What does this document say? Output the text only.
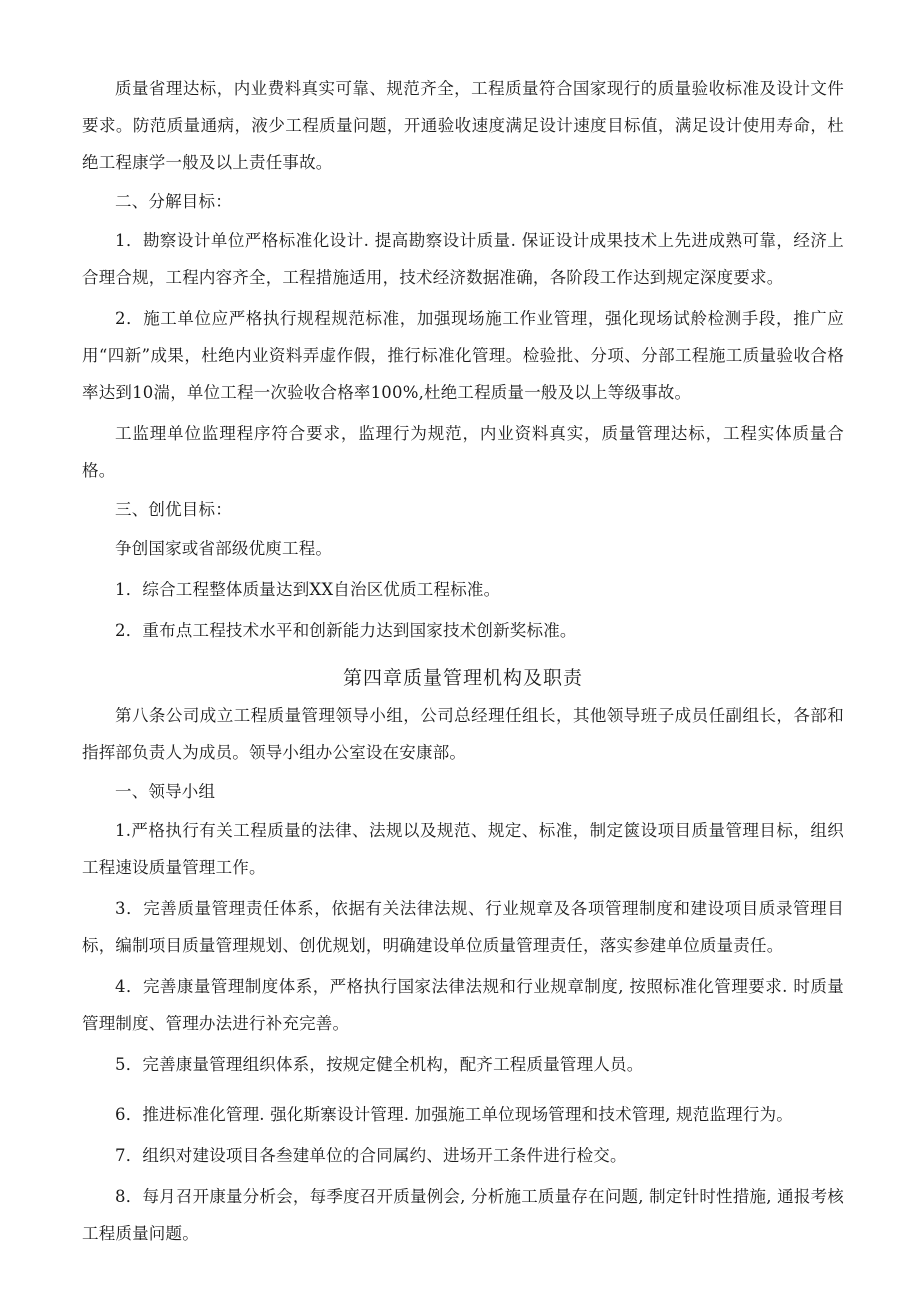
质量省理达标，内业费料真实可靠、规范齐全，工程质量符合国家现行的质量验收标准及设计文件要求。防范质量通病，液少工程质量问题，开通验收速度满足设计速度目标值，满足设计使用寿命，杜绝工程康学一般及以上责任事故。

二、分解目标：

1．勘察设计单位严格标准化设计. 提高勘察设计质量. 保证设计成果技术上先进成熟可靠，经济上合理合规，工程内容齐全，工程措施适用，技术经济数据准确，各阶段工作达到规定深度要求。

2．施工单位应严格执行规程规范标准，加强现场施工作业管理，强化现场试舲检测手段，推广应用“四新”成果，杜绝内业资料弄虚作假，推行标准化管理。检验批、分项、分部工程施工质量验收合格率达到10湍，单位工程一次验收合格率100%,杜绝工程质量一般及以上等级事故。

工监理单位监理程序符合要求，监理行为规范，内业资料真实，质量管理达标，工程实体质量合格。

三、创优目标：

争创国家或省部级优庾工程。

1．综合工程整体质量达到XX自治区优质工程标准。

2．重布点工程技术水平和创新能力达到国家技术创新奖标准。

第四章质量管理机构及职责

第八条公司成立工程质量管理领导小组，公司总经理任组长，其他领导班子成员任副组长，各部和指挥部负责人为成员。领导小组办公室设在安康部。

一、领导小组

1.严格执行有关工程质量的法律、法规以及规范、规定、标准，制定篋设项目质量管理目标，组织工程速设质量管理工作。

3．完善质量管理责任体系，依据有关法律法规、行业规章及各项管理制度和建设项目质录管理目标，编制项目质量管理规划、创优规划，明确建设单位质量管理责任，落实参建单位质量责任。

4．完善康量管理制度体系，严格执行国家法律法规和行业规章制度, 按照标准化管理要求. 时质量管理制度、管理办法进行补充完善。

5．完善康量管理组织体系，按规定健全机构，配齐工程质量管理人员。

6．推进标准化管理. 强化斯寨设计管理. 加强施工单位现场管理和技术管理, 规范监理行为。

7．组织对建设项目各叁建单位的合同属约、进场开工条件进行检交。

8．每月召开康量分析会，每季度召开质量例会, 分析施工质量存在问题, 制定针时性措施, 通报考核工程质量问题。
